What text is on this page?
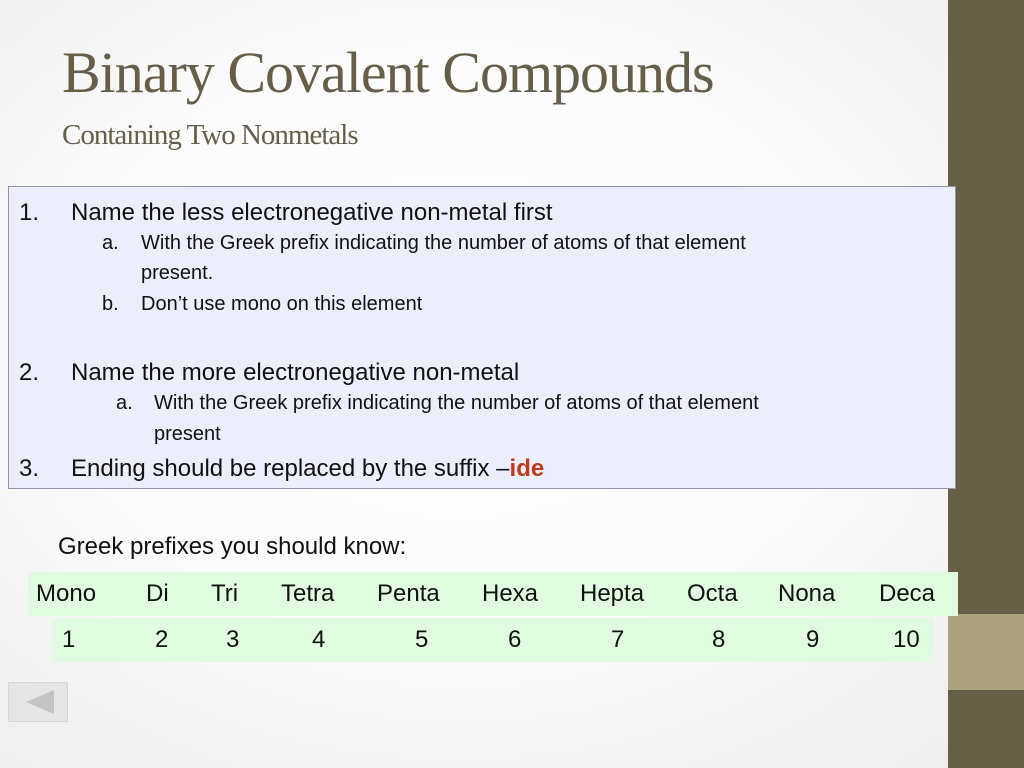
Binary Covalent Compounds
Containing Two Nonmetals
1. Name the less electronegative non-metal first
a. With the Greek prefix indicating the number of atoms of that element
present.
b. Don’t use mono on this element
2. Name the more electronegative non-metal
a. With the Greek prefix indicating the number of atoms of that element
present
3. Ending should be replaced by the suffix –ide
Greek prefixes you should know:
Mono Di Tri Tetra Penta Hexa Hepta Octa Nona Deca
1	2 3	4	5	6	7	8	9	10
